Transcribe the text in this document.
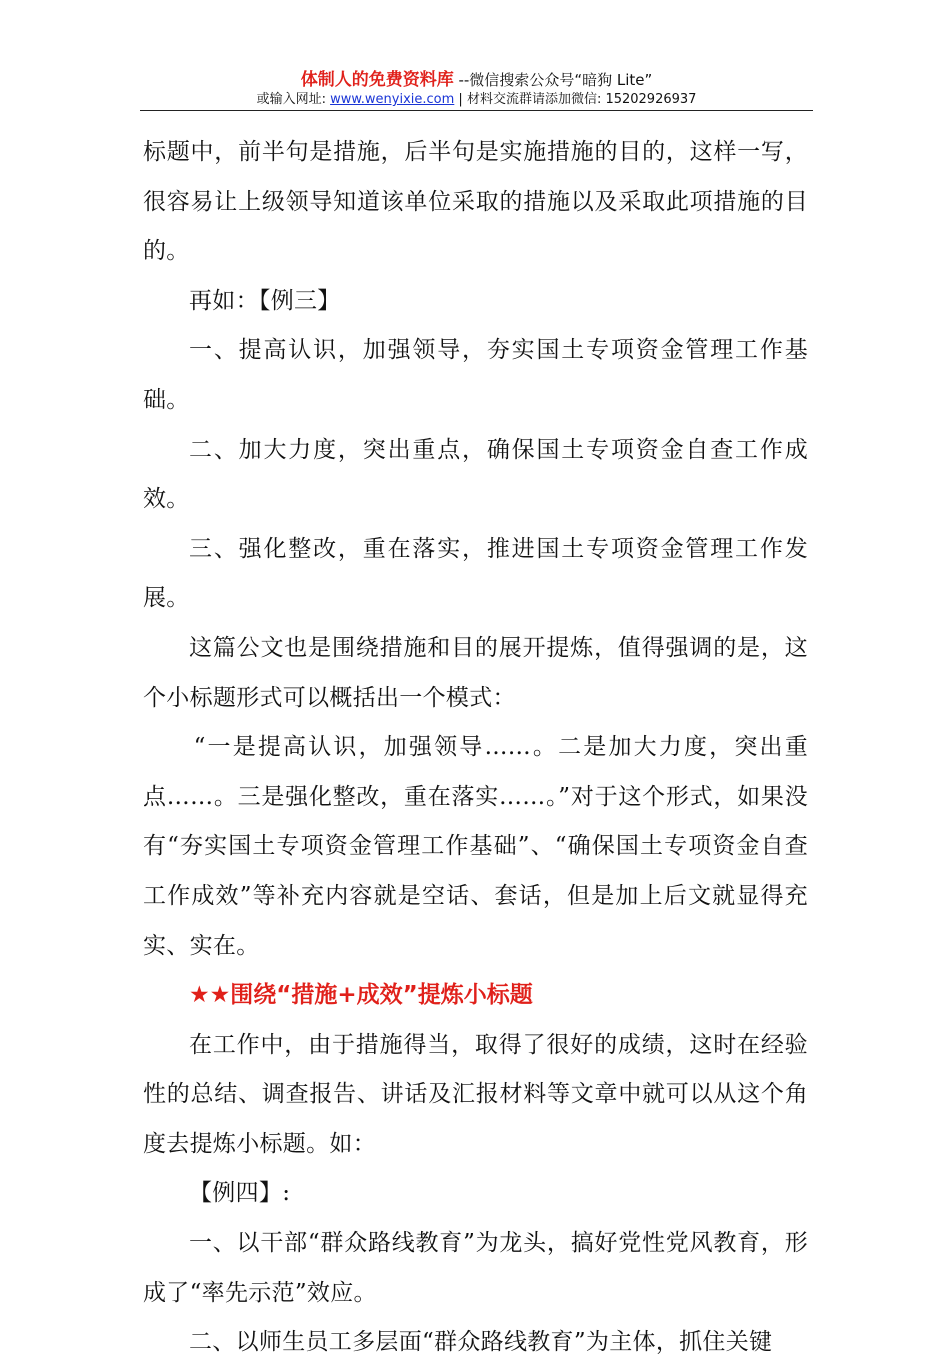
体制人的免费资料库 --微信搜索公众号“暗狗 Lite”
或输入网址: www.wenyixie.com | 材料交流群请添加微信: 15202926937

标题中，前半句是措施，后半句是实施措施的目的，这样一写，很容易让上级领导知道该单位采取的措施以及采取此项措施的目的。

再如：【例三】

一、提高认识，加强领导，夯实国土专项资金管理工作基础。

二、加大力度，突出重点，确保国土专项资金自查工作成效。

三、强化整改，重在落实，推进国土专项资金管理工作发展。

这篇公文也是围绕措施和目的展开提炼，值得强调的是，这个小标题形式可以概括出一个模式：

“一是提高认识，加强领导……。二是加大力度，突出重点……。三是强化整改，重在落实……。”对于这个形式，如果没有“夯实国土专项资金管理工作基础”、“确保国土专项资金自查工作成效”等补充内容就是空话、套话，但是加上后文就显得充实、实在。

★★围绕“措施+成效”提炼小标题

在工作中，由于措施得当，取得了很好的成绩，这时在经验性的总结、调查报告、讲话及汇报材料等文章中就可以从这个角度去提炼小标题。如：

【例四】:

一、以干部“群众路线教育”为龙头，搞好党性党风教育，形成了“率先示范”效应。

二、以师生员工多层面“群众路线教育”为主体，抓住关键
